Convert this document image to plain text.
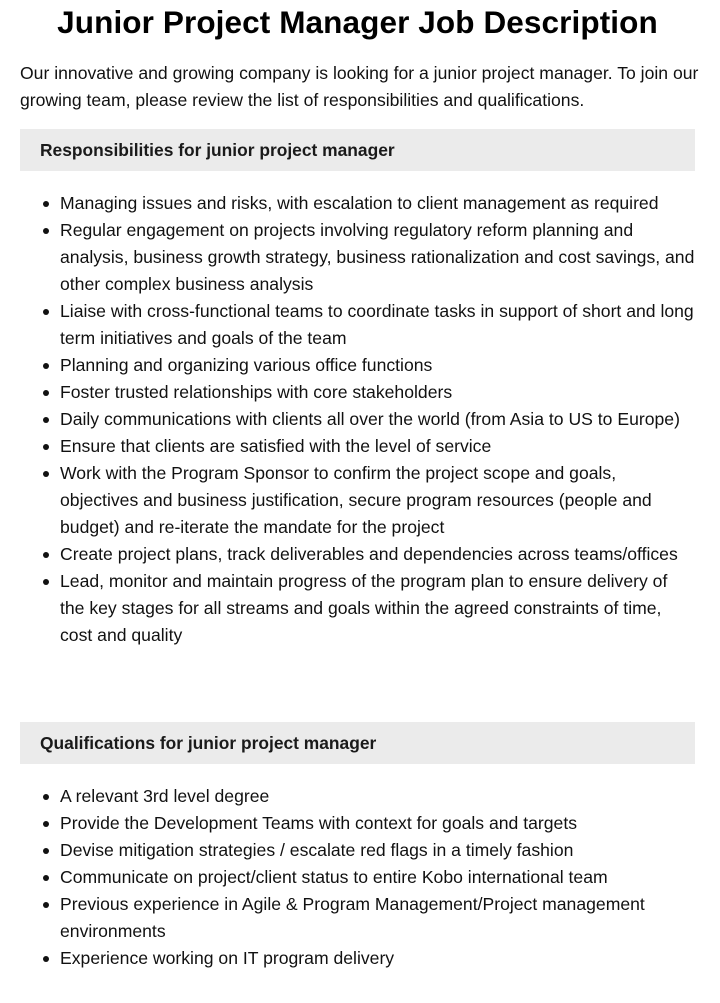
Junior Project Manager Job Description

Our innovative and growing company is looking for a junior project manager. To join our growing team, please review the list of responsibilities and qualifications.

Responsibilities for junior project manager
Managing issues and risks, with escalation to client management as required
Regular engagement on projects involving regulatory reform planning and analysis, business growth strategy, business rationalization and cost savings, and other complex business analysis
Liaise with cross-functional teams to coordinate tasks in support of short and long term initiatives and goals of the team
Planning and organizing various office functions
Foster trusted relationships with core stakeholders
Daily communications with clients all over the world (from Asia to US to Europe)
Ensure that clients are satisfied with the level of service
Work with the Program Sponsor to confirm the project scope and goals, objectives and business justification, secure program resources (people and budget) and re-iterate the mandate for the project
Create project plans, track deliverables and dependencies across teams/offices
Lead, monitor and maintain progress of the program plan to ensure delivery of the key stages for all streams and goals within the agreed constraints of time, cost and quality
Qualifications for junior project manager
A relevant 3rd level degree
Provide the Development Teams with context for goals and targets
Devise mitigation strategies / escalate red flags in a timely fashion
Communicate on project/client status to entire Kobo international team
Previous experience in Agile & Program Management/Project management environments
Experience working on IT program delivery
